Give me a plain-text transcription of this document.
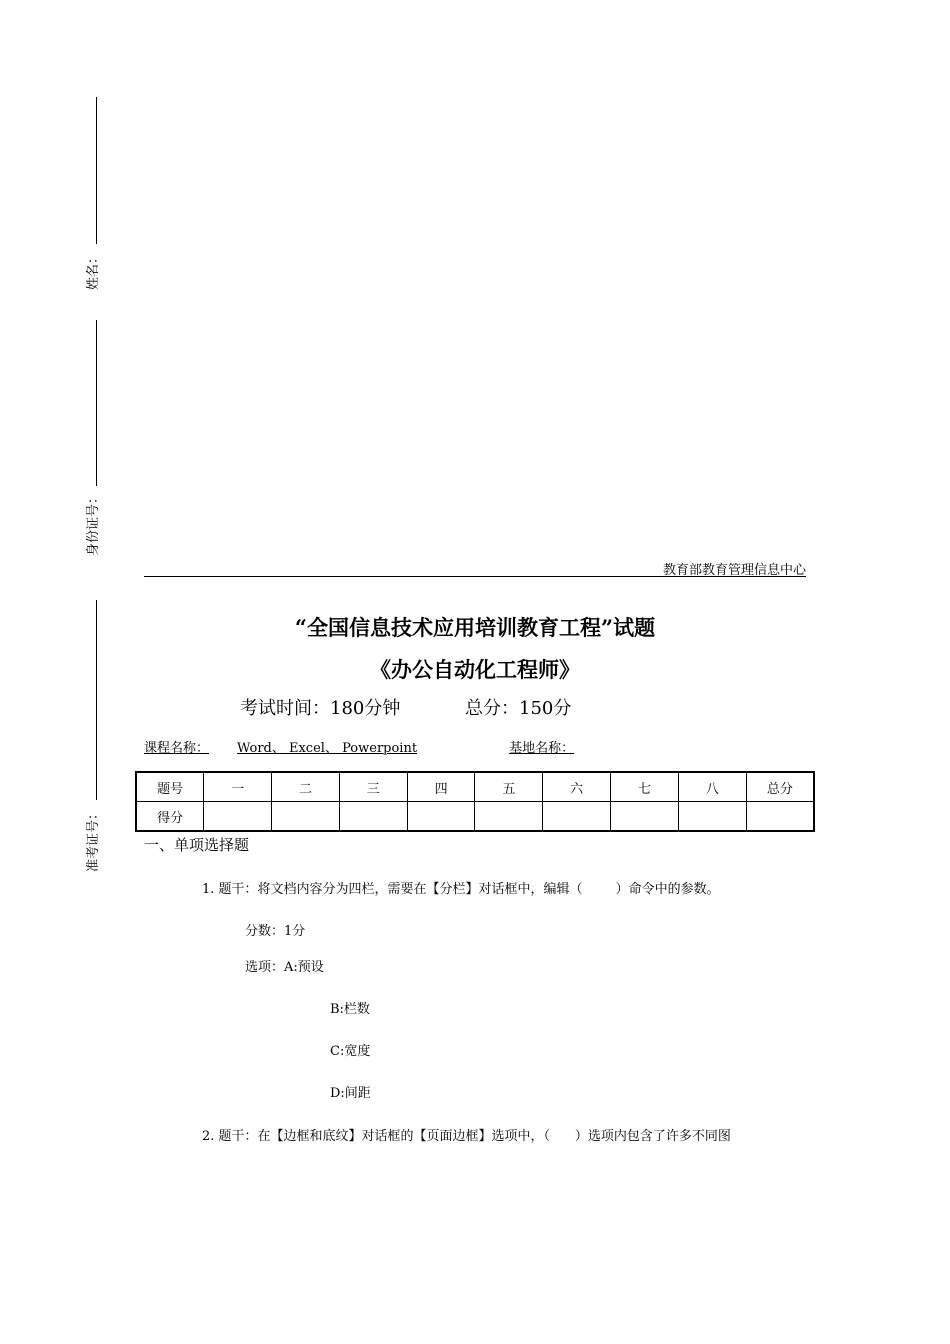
姓名：
身份证号：
准考证号：
教育部教育管理信息中心
“全国信息技术应用培训教育工程”试题
《办公自动化工程师》
考试时间：180分钟	总分：150分
课程名称： Word、 Excel、 Powerpoint	基地名称：
题号	一	二	三	四	五	六	七	八	总分
得分									
一、单项选择题
1. 题干：将文档内容分为四栏，需要在【分栏】对话框中，编辑（        ）命令中的参数。
分数：1分
选项：A:预设
B:栏数
C:宽度
D:间距
2. 题干：在【边框和底纹】对话框的【页面边框】选项中，（      ）选项内包含了许多不同图
